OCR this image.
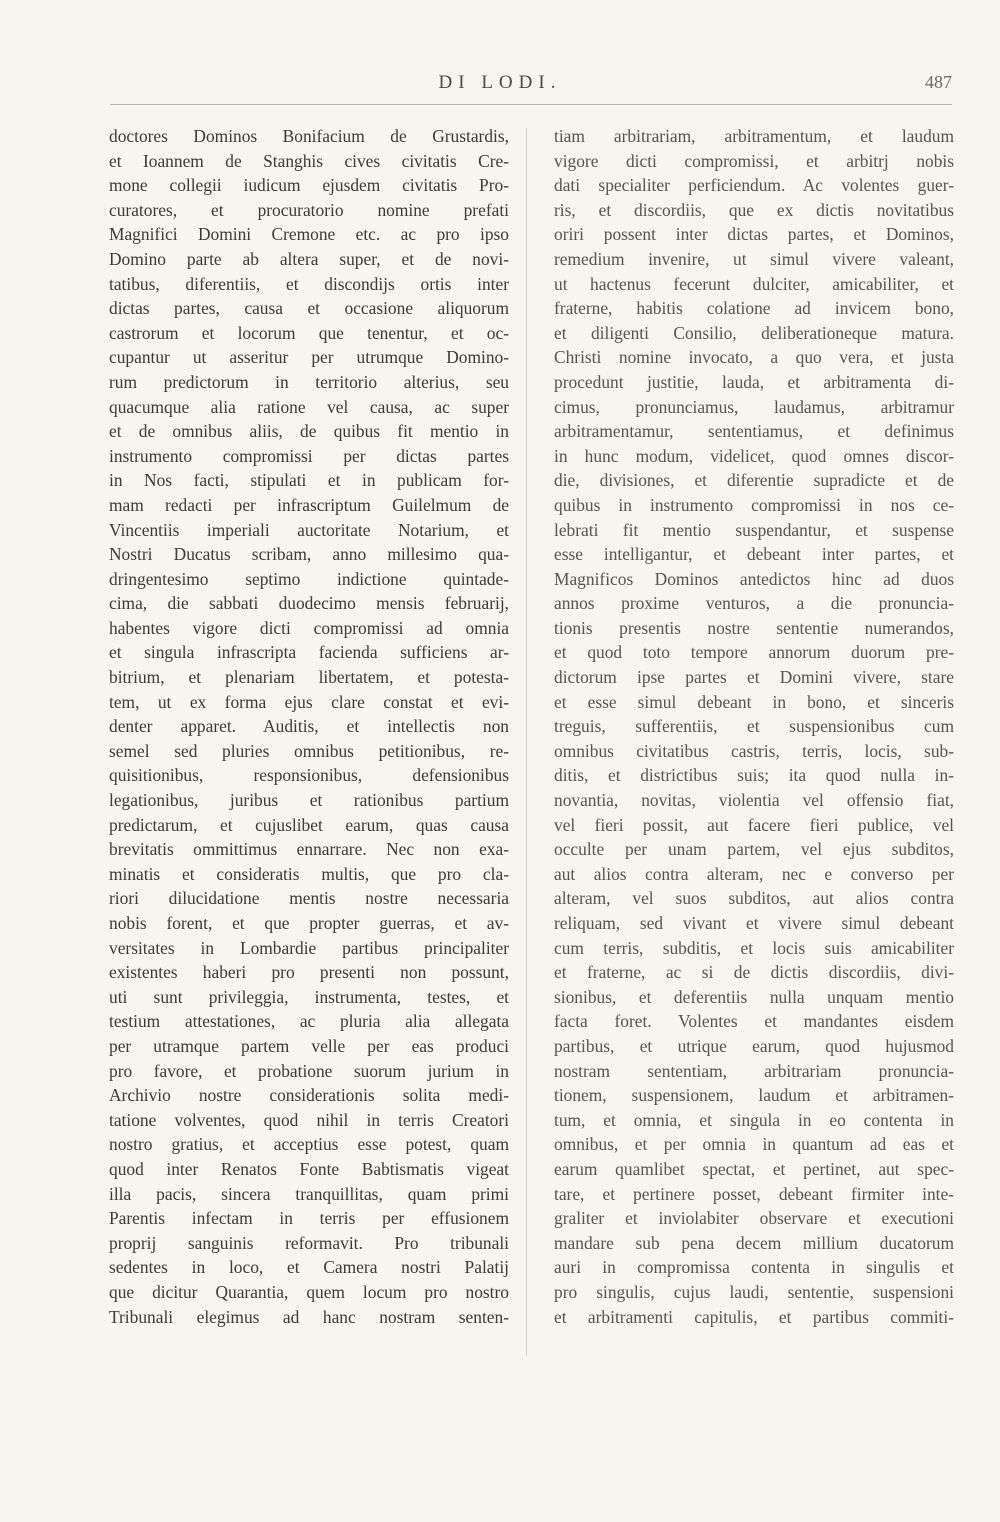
DI LODI.	487
doctores Dominos Bonifacium de Grustardis,
et Ioannem de Stanghis cives civitatis Cre-
mone collegii iudicum ejusdem civitatis Pro-
curatores, et procuratorio nomine prefati
Magnifici Domini Cremone etc. ac pro ipso
Domino parte ab altera super, et de novi-
tatibus, diferentiis, et discondijs ortis inter
dictas partes, causa et occasione aliquorum
castrorum et locorum que tenentur, et oc-
cupantur ut asseritur per utrumque Domino-
rum predictorum in territorio alterius, seu
quacumque alia ratione vel causa, ac super
et de omnibus aliis, de quibus fit mentio in
instrumento compromissi per dictas partes
in Nos facti, stipulati et in publicam for-
mam redacti per infrascriptum Guilelmum de
Vincentiis imperiali auctoritate Notarium, et
Nostri Ducatus scribam, anno millesimo qua-
dringentesimo septimo indictione quintade-
cima, die sabbati duodecimo mensis februarij,
habentes vigore dicti compromissi ad omnia
et singula infrascripta facienda sufficiens ar-
bitrium, et plenariam libertatem, et potesta-
tem, ut ex forma ejus clare constat et evi-
denter apparet. Auditis, et intellectis non
semel sed pluries omnibus petitionibus, re-
quisitionibus, responsionibus, defensionibus
legationibus, juribus et rationibus partium
predictarum, et cujuslibet earum, quas causa
brevitatis ommittimus ennarrare. Nec non exa-
minatis et consideratis multis, que pro cla-
riori dilucidatione mentis nostre necessaria
nobis forent, et que propter guerras, et av-
versitates in Lombardie partibus principaliter
existentes haberi pro presenti non possunt,
uti sunt privileggia, instrumenta, testes, et
testium attestationes, ac pluria alia allegata
per utramque partem velle per eas produci
pro favore, et probatione suorum jurium in
Archivio nostre considerationis solita medi-
tatione volventes, quod nihil in terris Creatori
nostro gratius, et acceptius esse potest, quam
quod inter Renatos Fonte Babtismatis vigeat
illa pacis, sincera tranquillitas, quam primi
Parentis infectam in terris per effusionem
proprij sanguinis reformavit. Pro tribunali
sedentes in loco, et Camera nostri Palatij
que dicitur Quarantia, quem locum pro nostro
Tribunali elegimus ad hanc nostram senten-
tiam arbitrariam, arbitramentum, et laudum
vigore dicti compromissi, et arbitrj nobis
dati specialiter perficiendum. Ac volentes guer-
ris, et discordiis, que ex dictis novitatibus
oriri possent inter dictas partes, et Dominos,
remedium invenire, ut simul vivere valeant,
ut hactenus fecerunt dulciter, amicabiliter, et
fraterne, habitis colatione ad invicem bono,
et diligenti Consilio, deliberationeque matura.
Christi nomine invocato, a quo vera, et justa
procedunt justitie, lauda, et arbitramenta di-
cimus, pronunciamus, laudamus, arbitramur
arbitramentamur, sententiamus, et definimus
in hunc modum, videlicet, quod omnes discor-
die, divisiones, et diferentie supradicte et de
quibus in instrumento compromissi in nos ce-
lebrati fit mentio suspendantur, et suspense
esse intelligantur, et debeant inter partes, et
Magnificos Dominos antedictos hinc ad duos
annos proxime venturos, a die pronuncia-
tionis presentis nostre sententie numerandos,
et quod toto tempore annorum duorum pre-
dictorum ipse partes et Domini vivere, stare
et esse simul debeant in bono, et sinceris
treguis, sufferentiis, et suspensionibus cum
omnibus civitatibus castris, terris, locis, sub-
ditis, et districtibus suis; ita quod nulla in-
novantia, novitas, violentia vel offensio fiat,
vel fieri possit, aut facere fieri publice, vel
occulte per unam partem, vel ejus subditos,
aut alios contra alteram, nec e converso per
alteram, vel suos subditos, aut alios contra
reliquam, sed vivant et vivere simul debeant
cum terris, subditis, et locis suis amicabiliter
et fraterne, ac si de dictis discordiis, divi-
sionibus, et deferentiis nulla unquam mentio
facta foret. Volentes et mandantes eisdem
partibus, et utrique earum, quod hujusmod
nostram sententiam, arbitrariam pronuncia-
tionem, suspensionem, laudum et arbitramen-
tum, et omnia, et singula in eo contenta in
omnibus, et per omnia in quantum ad eas et
earum quamlibet spectat, et pertinet, aut spec-
tare, et pertinere posset, debeant firmiter inte-
graliter et inviolabiter observare et executioni
mandare sub pena decem millium ducatorum
auri in compromissa contenta in singulis et
pro singulis, cujus laudi, sententie, suspensioni
et arbitramenti capitulis, et partibus commiti-
